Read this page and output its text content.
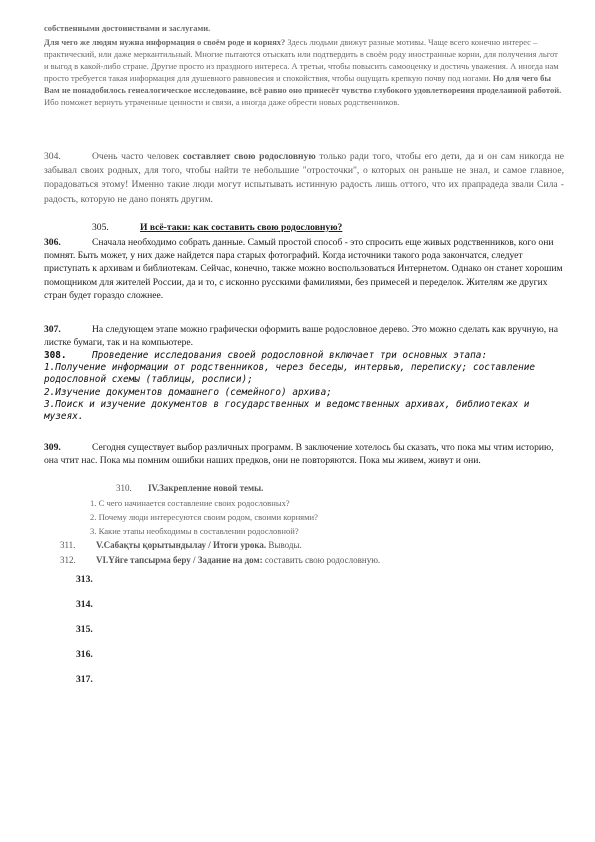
собственными достоинствами и заслугами.

Для чего же людям нужна информация о своём роде и корнях? Здесь людьми движут разные мотивы. Чаще всего конечно интерес – практический, или даже меркантильный. Многие пытаются отыскать или подтвердить в своём роду иностранные корни, для получения льгот и выгод в какой-либо стране. Другие просто из праздного интереса. А третьи, чтобы повысить самооценку и достичь уважения. А иногда нам просто требуется такая информация для душевного равновесия и спокойствия, чтобы ощущать крепкую почву под ногами. Но для чего бы Вам не понадобилось генеалогическое исследование, всё равно оно принесёт чувство глубокого удовлетворения проделанной работой. Ибо поможет вернуть утраченные ценности и связи, а иногда даже обрести новых родственников.

304.	Очень часто человек составляет свою родословную только ради того, чтобы его дети, да и он сам никогда не забывал своих родных, для того, чтобы найти те небольшие "отросточки", о которых он раньше не знал, и самое главное, порадоваться этому! Именно такие люди могут испытывать истинную радость лишь оттого, что их прапрадеда звали Сила - радость, которую не дано понять другим.

305.	И всё-таки: как составить свою родословную?

306.	Сначала необходимо собрать данные. Самый простой способ - это спросить еще живых родственников, кого они помнят. Быть может, у них даже найдется пара старых фотографий. Когда источники такого рода закончатся, следует приступать к архивам и библиотекам. Сейчас, конечно, также можно воспользоваться Интернетом. Однако он станет хорошим помощником для жителей России, да и то, с исконно русскими фамилиями, без примесей и переделок. Жителям же других стран будет гораздо сложнее.

307.	На следующем этапе можно графически оформить ваше родословное дерево. Это можно сделать как вручную, на листке бумаги, так и на компьютере.

308.	Проведение исследования своей родословной включает три основных этапа:
1.Получение информации от родственников, через беседы, интервью, переписку; составление родословной схемы (таблицы, росписи);
2.Изучение документов домашнего (семейного) архива;
3.Поиск и изучение документов в государственных и ведомственных архивах, библиотеках и музеях.

309.	Сегодня существует выбор различных программ. В заключение хотелось бы сказать, что пока мы чтим историю, она чтит нас. Пока мы помним ошибки наших предков, они не повторяются. Пока мы живем, живут и они.

310. IV.Закрепление новой темы.

1. С чего начинается составление своих родословных?
2. Почему люди интересуются своим родом, своими корнями?
3. Какие этапы необходимы в составлении родословной?

311. V.Сабақты қорытындылау / Итоги урока. Выводы.

312. VI.Үйге тапсырма беру / Задание на дом: составить свою родословную.

313.
314.
315.
316.
317.
